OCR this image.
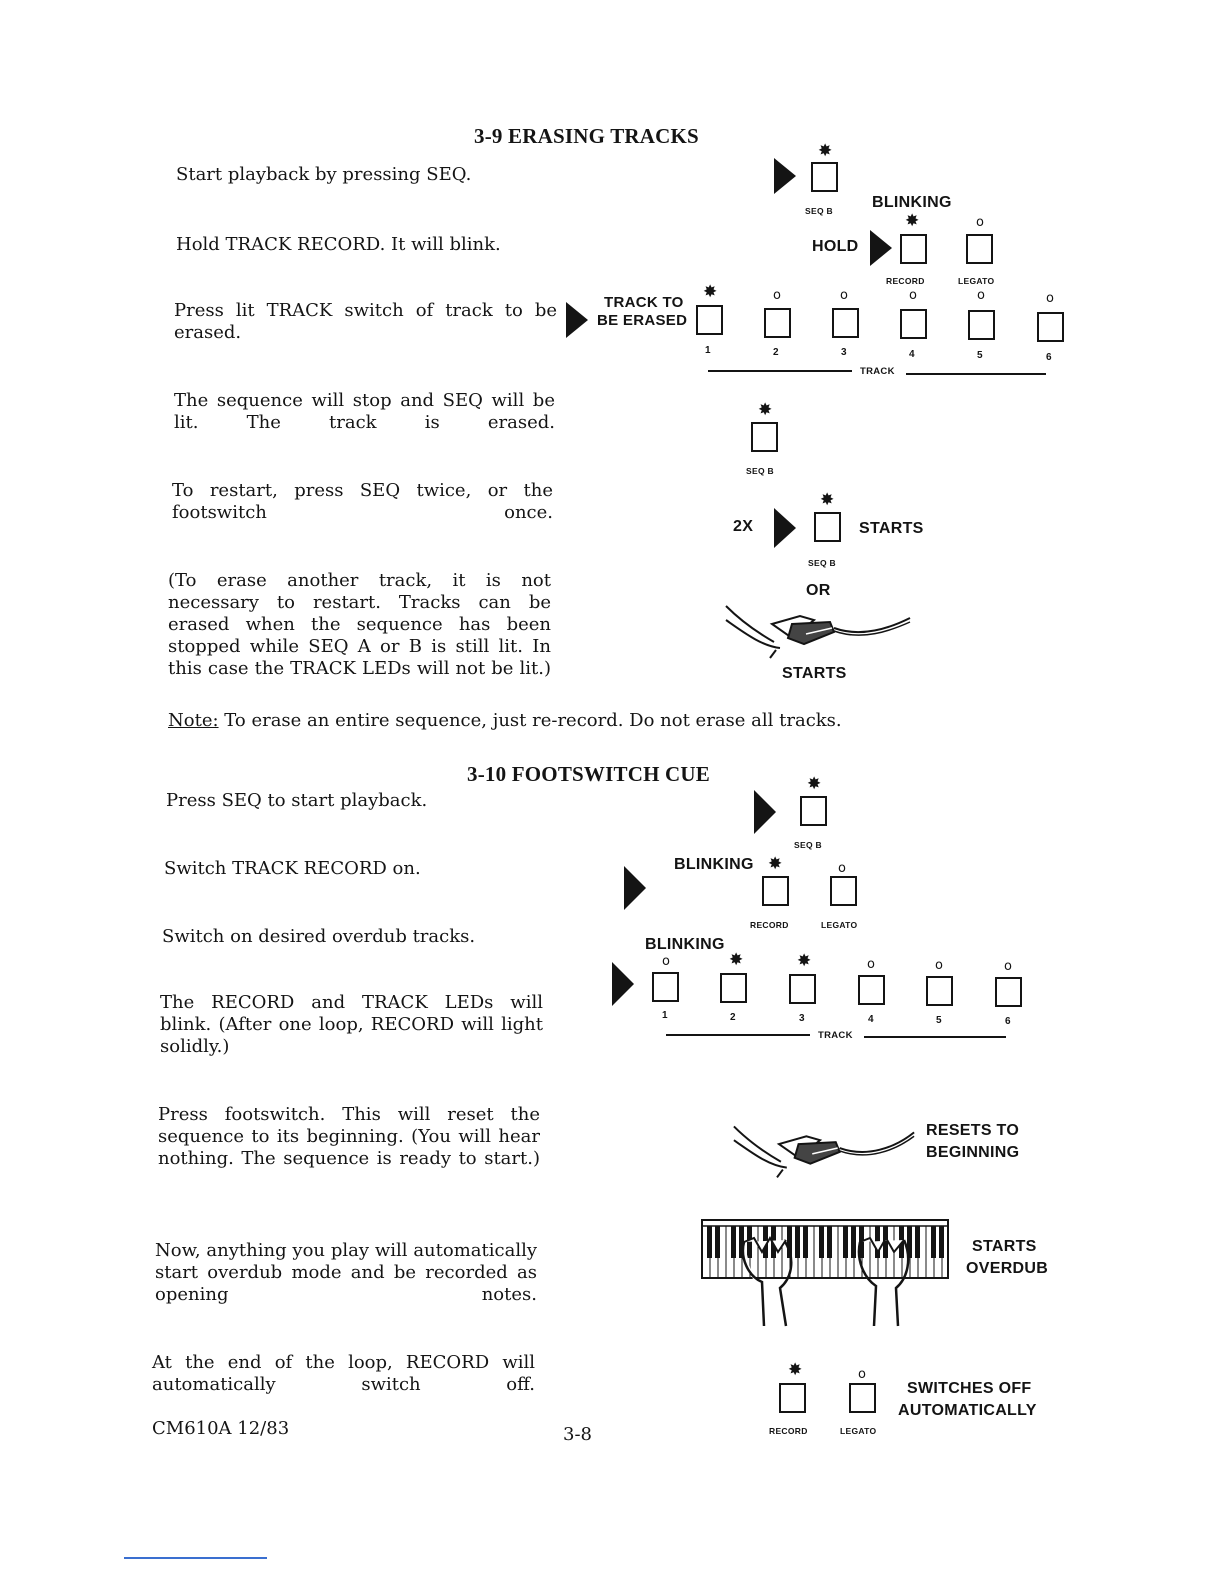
3-9 ERASING TRACKS
Start playback by pressing SEQ.
Hold TRACK RECORD. It will blink.
Press lit TRACK switch of track to be erased.
The sequence will stop and SEQ will be lit. The track is erased.
To restart, press SEQ twice, or the footswitch once.
(To erase another track, it is not necessary to restart. Tracks can be erased when the sequence has been stopped while SEQ A or B is still lit. In this case the TRACK LEDs will not be lit.)
Note: To erase an entire sequence, just re-record. Do not erase all tracks.
✸
SEQ B BLINKING
✸	o
HOLD
RECORD	LEGATO
TRACK TO
BE ERASED
✸	o	o	o	o	o
1	2	3	4	5	6
TRACK
✸
SEQ B
2X
✸
SEQ B
STARTS
OR
STARTS
3-10 FOOTSWITCH CUE
Press SEQ to start playback.
Switch TRACK RECORD on.
Switch on desired overdub tracks.
The RECORD and TRACK LEDs will blink. (After one loop, RECORD will light solidly.)
Press footswitch. This will reset the sequence to its beginning. (You will hear nothing. The sequence is ready to start.)
Now, anything you play will automatically start overdub mode and be recorded as opening notes.
At the end of the loop, RECORD will automatically switch off.
✸
SEQ B
BLINKING ✸	o
RECORD	LEGATO
BLINKING
o	✸	✸	o	o	o
1	2	3	4	5	6
TRACK
RESETS TO
BEGINNING
STARTS
OVERDUB
✸	o
RECORD	LEGATO
SWITCHES OFF
AUTOMATICALLY
CM610A 12/83	3-8
